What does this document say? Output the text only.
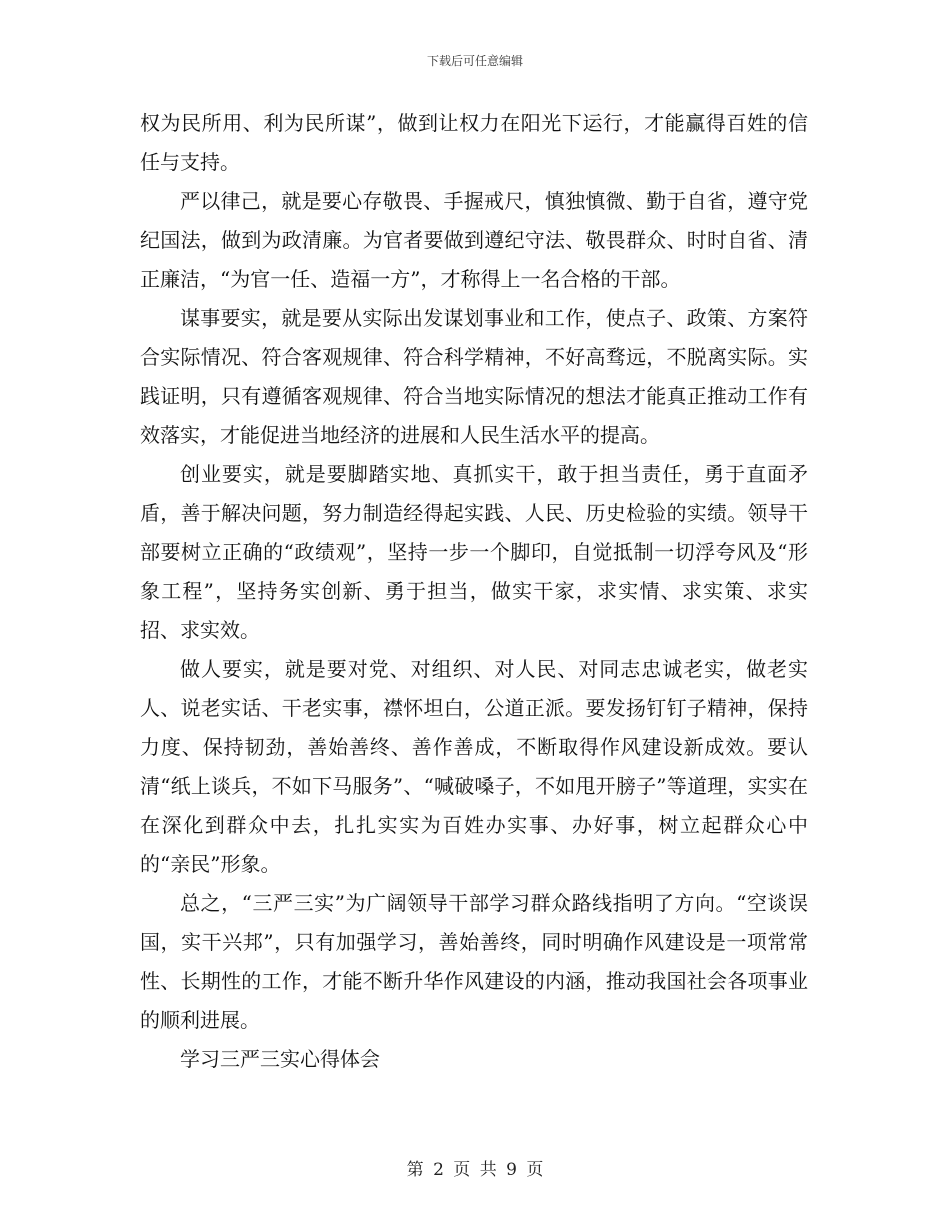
下载后可任意编辑

权为民所用、利为民所谋”，做到让权力在阳光下运行，才能赢得百姓的信任与支持。

严以律己，就是要心存敬畏、手握戒尺，慎独慎微、勤于自省，遵守党纪国法，做到为政清廉。为官者要做到遵纪守法、敬畏群众、时时自省、清正廉洁，“为官一任、造福一方”，才称得上一名合格的干部。

谋事要实，就是要从实际出发谋划事业和工作，使点子、政策、方案符合实际情况、符合客观规律、符合科学精神，不好高骛远，不脱离实际。实践证明，只有遵循客观规律、符合当地实际情况的想法才能真正推动工作有效落实，才能促进当地经济的进展和人民生活水平的提高。

创业要实，就是要脚踏实地、真抓实干，敢于担当责任，勇于直面矛盾，善于解决问题，努力制造经得起实践、人民、历史检验的实绩。领导干部要树立正确的“政绩观”，坚持一步一个脚印，自觉抵制一切浮夸风及“形象工程”，坚持务实创新、勇于担当，做实干家，求实情、求实策、求实招、求实效。

做人要实，就是要对党、对组织、对人民、对同志忠诚老实，做老实人、说老实话、干老实事，襟怀坦白，公道正派。要发扬钉钉子精神，保持力度、保持韧劲，善始善终、善作善成，不断取得作风建设新成效。要认清“纸上谈兵，不如下马服务”、“喊破嗓子，不如甩开膀子”等道理，实实在在深化到群众中去，扎扎实实为百姓办实事、办好事，树立起群众心中的“亲民”形象。

总之，“三严三实”为广阔领导干部学习群众路线指明了方向。“空谈误国，实干兴邦”，只有加强学习，善始善终，同时明确作风建设是一项常常性、长期性的工作，才能不断升华作风建设的内涵，推动我国社会各项事业的顺利进展。

学习三严三实心得体会

第 2 页 共 9 页
